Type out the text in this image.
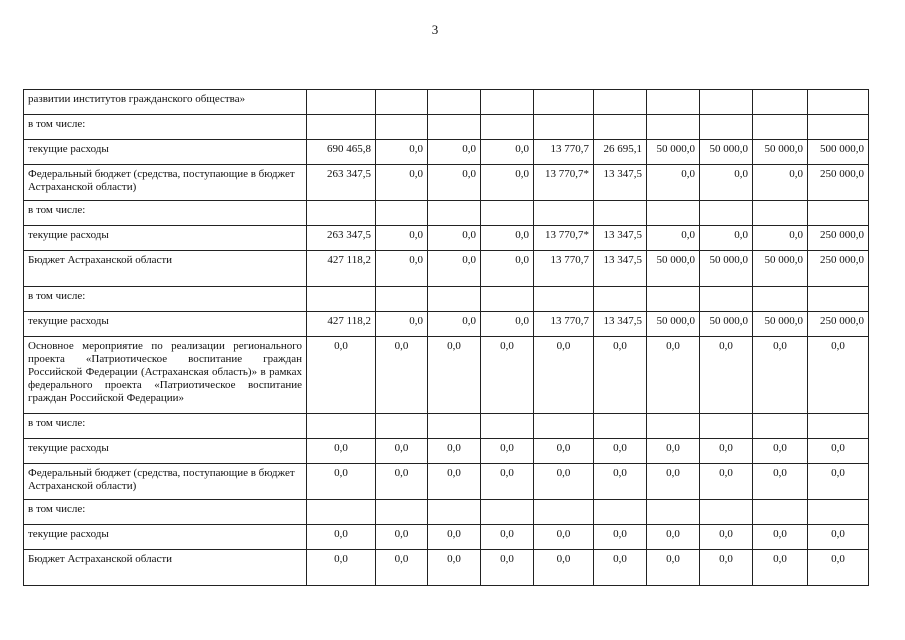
3
развитии институтов гражданского общества»										
в том числе:										
текущие расходы	690 465,8	0,0	0,0	0,0	13 770,7	26 695,1	50 000,0	50 000,0	50 000,0	500 000,0
Федеральный бюджет (средства, поступающие в бюджет Астраханской области)	263 347,5	0,0	0,0	0,0	13 770,7*	13 347,5	0,0	0,0	0,0	250 000,0
в том числе:										
текущие расходы	263 347,5	0,0	0,0	0,0	13 770,7*	13 347,5	0,0	0,0	0,0	250 000,0
Бюджет Астраханской области	427 118,2	0,0	0,0	0,0	13 770,7	13 347,5	50 000,0	50 000,0	50 000,0	250 000,0
в том числе:										
текущие расходы	427 118,2	0,0	0,0	0,0	13 770,7	13 347,5	50 000,0	50 000,0	50 000,0	250 000,0
Основное мероприятие по реализации регионального проекта «Патриотическое воспитание граждан Российской Федерации (Астраханская область)» в рамках федерального проекта «Патриотическое воспитание граждан Российской Федерации»	0,0	0,0	0,0	0,0	0,0	0,0	0,0	0,0	0,0	0,0
в том числе:										
текущие расходы	0,0	0,0	0,0	0,0	0,0	0,0	0,0	0,0	0,0	0,0
Федеральный бюджет (средства, поступающие в бюджет Астраханской области)	0,0	0,0	0,0	0,0	0,0	0,0	0,0	0,0	0,0	0,0
в том числе:										
текущие расходы	0,0	0,0	0,0	0,0	0,0	0,0	0,0	0,0	0,0	0,0
Бюджет Астраханской области	0,0	0,0	0,0	0,0	0,0	0,0	0,0	0,0	0,0	0,0
